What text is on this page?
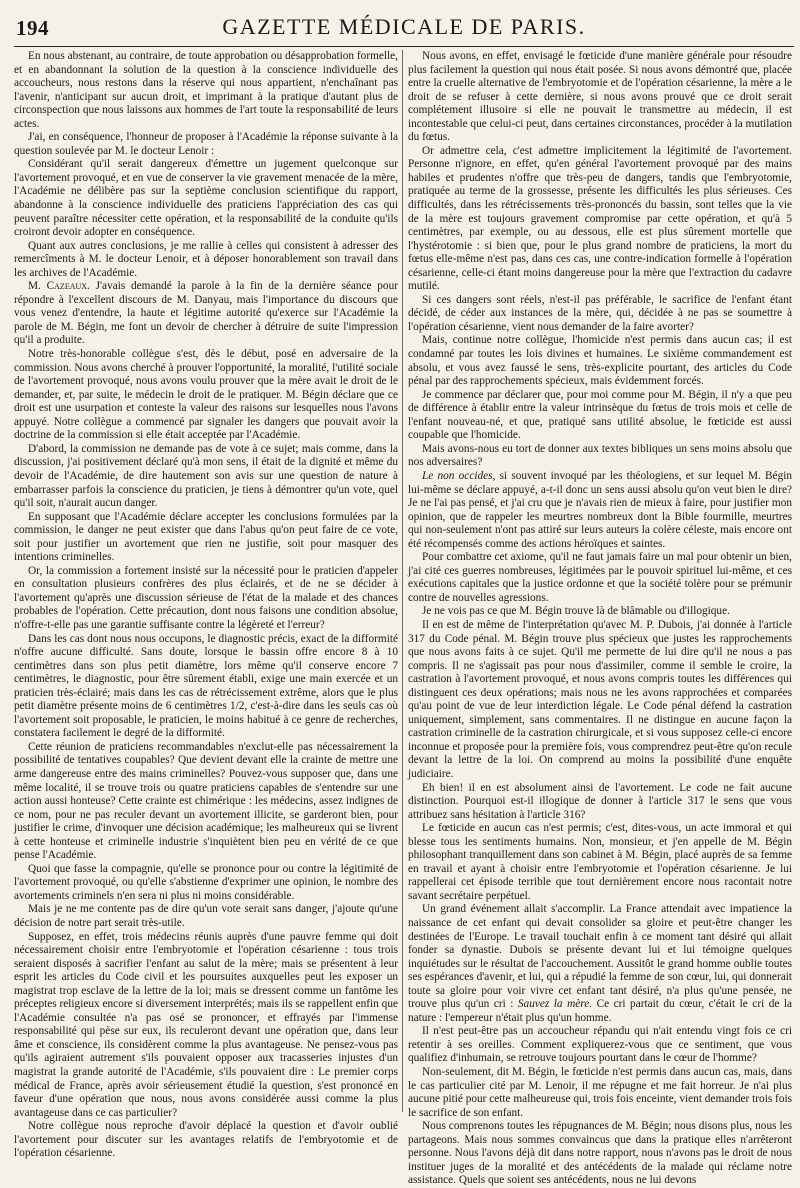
194	GAZETTE MÉDICALE DE PARIS.

En nous abstenant, au contraire, de toute approbation ou désapprobation formelle, et en abandonnant la solution de la question à la conscience individuelle des accoucheurs, nous restons dans la réserve qui nous appartient, n'enchaînant pas l'avenir, n'anticipant sur aucun droit, et imprimant à la pratique d'autant plus de circonspection que nous laissons aux hommes de l'art toute la responsabilité de leurs actes.

J'ai, en conséquence, l'honneur de proposer à l'Académie la réponse suivante à la question soulevée par M. le docteur Lenoir :

Considérant qu'il serait dangereux d'émettre un jugement quelconque sur l'avortement provoqué, et en vue de conserver la vie gravement menacée de la mère, l'Académie ne délibère pas sur la septième conclusion scientifique du rapport, abandonne à la conscience individuelle des praticiens l'appréciation des cas qui peuvent paraître nécessiter cette opération, et la responsabilité de la conduite qu'ils croiront devoir adopter en conséquence.

Quant aux autres conclusions, je me rallie à celles qui consistent à adresser des remercîments à M. le docteur Lenoir, et à déposer honorablement son travail dans les archives de l'Académie.

M. Cazeaux. J'avais demandé la parole à la fin de la dernière séance pour répondre à l'excellent discours de M. Danyau, mais l'importance du discours que vous venez d'entendre, la haute et légitime autorité qu'exerce sur l'Académie la parole de M. Bégin, me font un devoir de chercher à détruire de suite l'impression qu'il a produite.

Notre très-honorable collègue s'est, dès le début, posé en adversaire de la commission. Nous avons cherché à prouver l'opportunité, la moralité, l'utilité sociale de l'avortement provoqué, nous avons voulu prouver que la mère avait le droit de le demander, et, par suite, le médecin le droit de le pratiquer. M. Bégin déclare que ce droit est une usurpation et conteste la valeur des raisons sur lesquelles nous l'avons appuyé. Notre collègue a commencé par signaler les dangers que pouvait avoir la doctrine de la commission si elle était acceptée par l'Académie.

D'abord, la commission ne demande pas de vote à ce sujet; mais comme, dans la discussion, j'ai positivement déclaré qu'à mon sens, il était de la dignité et même du devoir de l'Académie, de dire hautement son avis sur une question de nature à embarrasser parfois la conscience du praticien, je tiens à démontrer qu'un vote, quel qu'il soit, n'aurait aucun danger.

En supposant que l'Académie déclare accepter les conclusions formulées par la commission, le danger ne peut exister que dans l'abus qu'on peut faire de ce vote, soit pour justifier un avortement que rien ne justifie, soit pour masquer des intentions criminelles.

Or, la commission a fortement insisté sur la nécessité pour le praticien d'appeler en consultation plusieurs confrères des plus éclairés, et de ne se décider à l'avortement qu'après une discussion sérieuse de l'état de la malade et des chances probables de l'opération. Cette précaution, dont nous faisons une condition absolue, n'offre-t-elle pas une garantie suffisante contre la légèreté et l'erreur?

Dans les cas dont nous nous occupons, le diagnostic précis, exact de la difformité n'offre aucune difficulté. Sans doute, lorsque le bassin offre encore 8 à 10 centimètres dans son plus petit diamètre, lors même qu'il conserve encore 7 centimètres, le diagnostic, pour être sûrement établi, exige une main exercée et un praticien très-éclairé; mais dans les cas de rétrécissement extrême, alors que le plus petit diamètre présente moins de 6 centimètres 1/2, c'est-à-dire dans les seuls cas où l'avortement soit proposable, le praticien, le moins habitué à ce genre de recherches, constatera facilement le degré de la difformité.

Cette réunion de praticiens recommandables n'exclut-elle pas nécessairement la possibilité de tentatives coupables? Que devient devant elle la crainte de mettre une arme dangereuse entre des mains criminelles? Pouvez-vous supposer que, dans une même localité, il se trouve trois ou quatre praticiens capables de s'entendre sur une action aussi honteuse? Cette crainte est chimérique : les médecins, assez indignes de ce nom, pour ne pas reculer devant un avortement illicite, se garderont bien, pour justifier le crime, d'invoquer une décision académique; les malheureux qui se livrent à cette honteuse et criminelle industrie s'inquiètent bien peu en vérité de ce que pense l'Académie.

Quoi que fasse la compagnie, qu'elle se prononce pour ou contre la légitimité de l'avortement provoqué, ou qu'elle s'abstienne d'exprimer une opinion, le nombre des avortements criminels n'en sera ni plus ni moins considérable.

Mais je ne me contente pas de dire qu'un vote serait sans danger, j'ajoute qu'une décision de notre part serait très-utile.

Supposez, en effet, trois médecins réunis auprès d'une pauvre femme qui doit nécessairement choisir entre l'embryotomie et l'opération césarienne : tous trois seraient disposés à sacrifier l'enfant au salut de la mère; mais se présentent à leur esprit les articles du Code civil et les poursuites auxquelles peut les exposer un magistrat trop esclave de la lettre de la loi; mais se dressent comme un fantôme les préceptes religieux encore si diversement interprétés; mais ils se rappellent enfin que l'Académie consultée n'a pas osé se prononcer, et effrayés par l'immense responsabilité qui pèse sur eux, ils reculeront devant une opération que, dans leur âme et conscience, ils considèrent comme la plus avantageuse. Ne pensez-vous pas qu'ils agiraient autrement s'ils pouvaient opposer aux tracasseries injustes d'un magistrat la grande autorité de l'Académie, s'ils pouvaient dire : Le premier corps médical de France, après avoir sérieusement étudié la question, s'est prononcé en faveur d'une opération que nous, nous avons considérée aussi comme la plus avantageuse dans ce cas particulier?

Notre collègue nous reproche d'avoir déplacé la question et d'avoir oublié l'avortement pour discuter sur les avantages relatifs de l'embryotomie et de l'opération césarienne.

Nous avons, en effet, envisagé le fœticide d'une manière générale pour résoudre plus facilement la question qui nous était posée. Si nous avons démontré que, placée entre la cruelle alternative de l'embryotomie et de l'opération césarienne, la mère a le droit de se refuser à cette dernière, si nous avons prouvé que ce droit serait complétement illusoire si elle ne pouvait le transmettre au médecin, il est incontestable que celui-ci peut, dans certaines circonstances, procéder à la mutilation du fœtus.

Or admettre cela, c'est admettre implicitement la légitimité de l'avortement. Personne n'ignore, en effet, qu'en général l'avortement provoqué par des mains habiles et prudentes n'offre que très-peu de dangers, tandis que l'embryotomie, pratiquée au terme de la grossesse, présente les difficultés les plus sérieuses. Ces difficultés, dans les rétrécissements très-prononcés du bassin, sont telles que la vie de la mère est toujours gravement compromise par cette opération, et qu'à 5 centimètres, par exemple, ou au dessous, elle est plus sûrement mortelle que l'hystérotomie : si bien que, pour le plus grand nombre de praticiens, la mort du fœtus elle-même n'est pas, dans ces cas, une contre-indication formelle à l'opération césarienne, celle-ci étant moins dangereuse pour la mère que l'extraction du cadavre mutilé.

Si ces dangers sont réels, n'est-il pas préférable, le sacrifice de l'enfant étant décidé, de céder aux instances de la mère, qui, décidée à ne pas se soumettre à l'opération césarienne, vient nous demander de la faire avorter?

Mais, continue notre collègue, l'homicide n'est permis dans aucun cas; il est condamné par toutes les lois divines et humaines. Le sixième commandement est absolu, et vous avez faussé le sens, très-explicite pourtant, des articles du Code pénal par des rapprochements spécieux, mais évidemment forcés.

Je commence par déclarer que, pour moi comme pour M. Bégin, il n'y a que peu de différence à établir entre la valeur intrinsèque du fœtus de trois mois et celle de l'enfant nouveau-né, et que, pratiqué sans utilité absolue, le fœticide est aussi coupable que l'homicide.

Mais avons-nous eu tort de donner aux textes bibliques un sens moins absolu que nos adversaires?

Le non occides, si souvent invoqué par les théologiens, et sur lequel M. Bégin lui-même se déclare appuyé, a-t-il donc un sens aussi absolu qu'on veut bien le dire? Je ne l'ai pas pensé, et j'ai cru que je n'avais rien de mieux à faire, pour justifier mon opinion, que de rappeler les meurtres nombreux dont la Bible fourmille, meurtres qui non-seulement n'ont pas attiré sur leurs auteurs la colère céleste, mais encore ont été récompensés comme des actions héroïques et saintes.

Pour combattre cet axiome, qu'il ne faut jamais faire un mal pour obtenir un bien, j'ai cité ces guerres nombreuses, légitimées par le pouvoir spirituel lui-même, et ces exécutions capitales que la justice ordonne et que la société tolère pour se prémunir contre de nouvelles agressions.

Je ne vois pas ce que M. Bégin trouve là de blâmable ou d'illogique.

Il en est de même de l'interprétation qu'avec M. P. Dubois, j'ai donnée à l'article 317 du Code pénal. M. Bégin trouve plus spécieux que justes les rapprochements que nous avons faits à ce sujet. Qu'il me permette de lui dire qu'il ne nous a pas compris. Il ne s'agissait pas pour nous d'assimiler, comme il semble le croire, la castration à l'avortement provoqué, et nous avons compris toutes les différences qui distinguent ces deux opérations; mais nous ne les avons rapprochées et comparées qu'au point de vue de leur interdiction légale. Le Code pénal défend la castration uniquement, simplement, sans commentaires. Il ne distingue en aucune façon la castration criminelle de la castration chirurgicale, et si vous supposez celle-ci encore inconnue et proposée pour la première fois, vous comprendrez peut-être qu'on recule devant la lettre de la loi. On comprend au moins la possibilité d'une enquête judiciaire.

Eh bien! il en est absolument ainsi de l'avortement. Le code ne fait aucune distinction. Pourquoi est-il illogique de donner à l'article 317 le sens que vous attribuez sans hésitation à l'article 316?

Le fœticide en aucun cas n'est permis; c'est, dites-vous, un acte immoral et qui blesse tous les sentiments humains. Non, monsieur, et j'en appelle de M. Bégin philosophant tranquillement dans son cabinet à M. Bégin, placé auprès de sa femme en travail et ayant à choisir entre l'embryotomie et l'opération césarienne. Je lui rappellerai cet épisode terrible que tout dernièrement encore nous racontait notre savant secrétaire perpétuel.

Un grand événement allait s'accomplir. La France attendait avec impatience la naissance de cet enfant qui devait consolider sa gloire et peut-être changer les destinées de l'Europe. Le travail touchait enfin à ce moment tant désiré qui allait fonder sa dynastie. Dubois se présente devant lui et lui témoigne quelques inquiétudes sur le résultat de l'accouchement. Aussitôt le grand homme oublie toutes ses espérances d'avenir, et lui, qui a répudié la femme de son cœur, lui, qui donnerait toute sa gloire pour voir vivre cet enfant tant désiré, n'a plus qu'une pensée, ne trouve plus qu'un cri : Sauvez la mère. Ce cri partait du cœur, c'était le cri de la nature : l'empereur n'était plus qu'un homme.

Il n'est peut-être pas un accoucheur répandu qui n'ait entendu vingt fois ce cri retentir à ses oreilles. Comment expliquerez-vous que ce sentiment, que vous qualifiez d'inhumain, se retrouve toujours pourtant dans le cœur de l'homme?

Non-seulement, dit M. Bégin, le fœticide n'est permis dans aucun cas, mais, dans le cas particulier cité par M. Lenoir, il me répugne et me fait horreur. Je n'ai plus aucune pitié pour cette malheureuse qui, trois fois enceinte, vient demander trois fois le sacrifice de son enfant.

Nous comprenons toutes les répugnances de M. Bégin; nous disons plus, nous les partageons. Mais nous sommes convaincus que dans la pratique elles n'arrêteront personne. Nous l'avons déjà dit dans notre rapport, nous n'avons pas le droit de nous instituer juges de la moralité et des antécédents de la malade qui réclame notre assistance. Quels que soient ses antécédents, nous ne lui devons
